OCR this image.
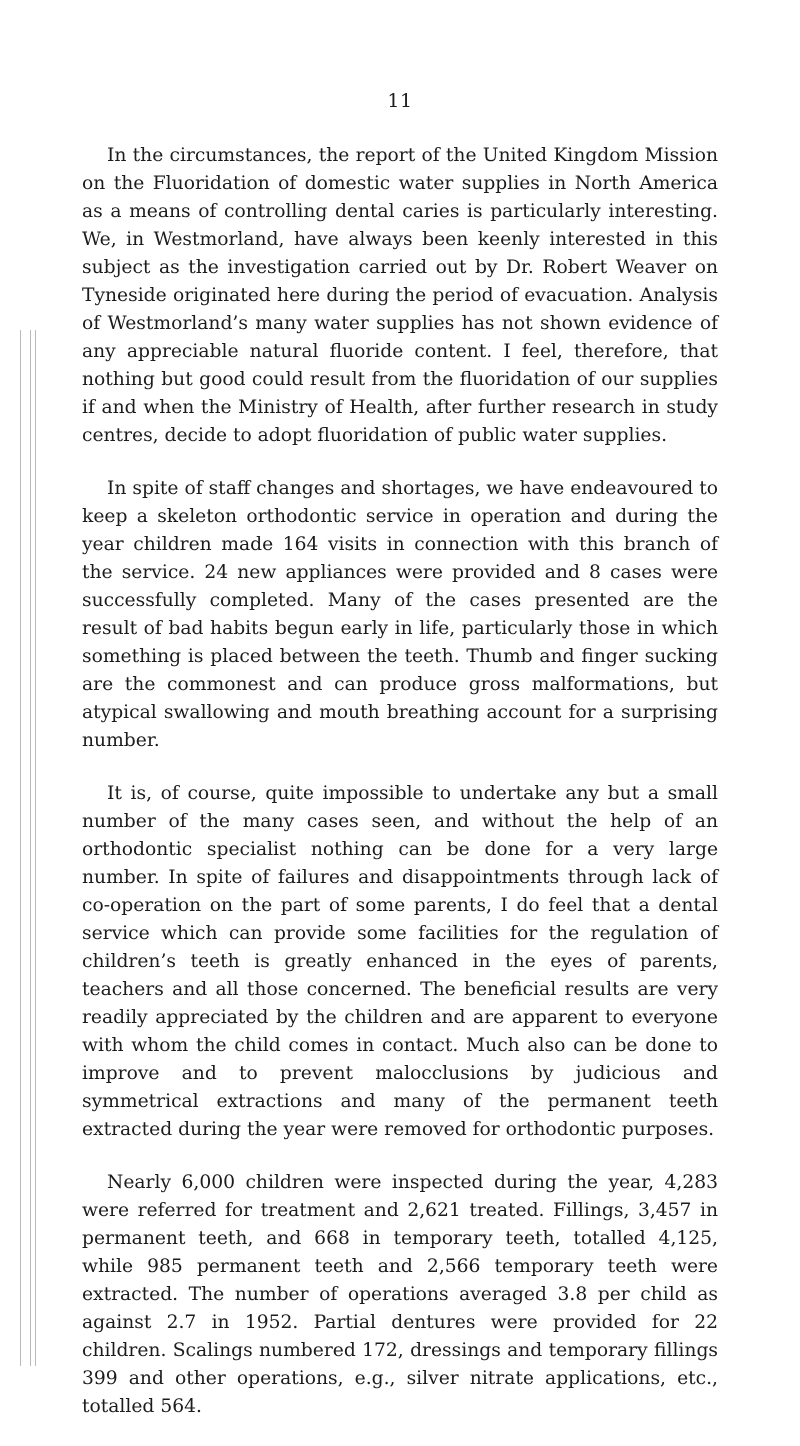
11

In the circumstances, the report of the United Kingdom Mission on the Fluoridation of domestic water supplies in North America as a means of controlling dental caries is particularly interesting. We, in Westmorland, have always been keenly interested in this subject as the investigation carried out by Dr. Robert Weaver on Tyneside originated here during the period of evacuation. Analysis of Westmorland’s many water supplies has not shown evidence of any appreciable natural fluoride content. I feel, therefore, that nothing but good could result from the fluoridation of our supplies if and when the Ministry of Health, after further research in study centres, decide to adopt fluoridation of public water supplies.

In spite of staff changes and shortages, we have endeavoured to keep a skeleton orthodontic service in operation and during the year children made 164 visits in connection with this branch of the service. 24 new appliances were provided and 8 cases were successfully completed. Many of the cases presented are the result of bad habits begun early in life, particularly those in which something is placed between the teeth. Thumb and finger sucking are the commonest and can produce gross malformations, but atypical swallowing and mouth breathing account for a surprising number.

It is, of course, quite impossible to undertake any but a small number of the many cases seen, and without the help of an orthodontic specialist nothing can be done for a very large number. In spite of failures and disappointments through lack of co-operation on the part of some parents, I do feel that a dental service which can provide some facilities for the regulation of children’s teeth is greatly enhanced in the eyes of parents, teachers and all those concerned. The beneficial results are very readily appreciated by the children and are apparent to everyone with whom the child comes in contact. Much also can be done to improve and to prevent malocclusions by judicious and symmetrical extractions and many of the permanent teeth extracted during the year were removed for orthodontic purposes.

Nearly 6,000 children were inspected during the year, 4,283 were referred for treatment and 2,621 treated. Fillings, 3,457 in permanent teeth, and 668 in temporary teeth, totalled 4,125, while 985 permanent teeth and 2,566 temporary teeth were extracted. The number of operations averaged 3.8 per child as against 2.7 in 1952. Partial dentures were provided for 22 children. Scalings numbered 172, dressings and temporary fillings 399 and other operations, e.g., silver nitrate applications, etc., totalled 564.
